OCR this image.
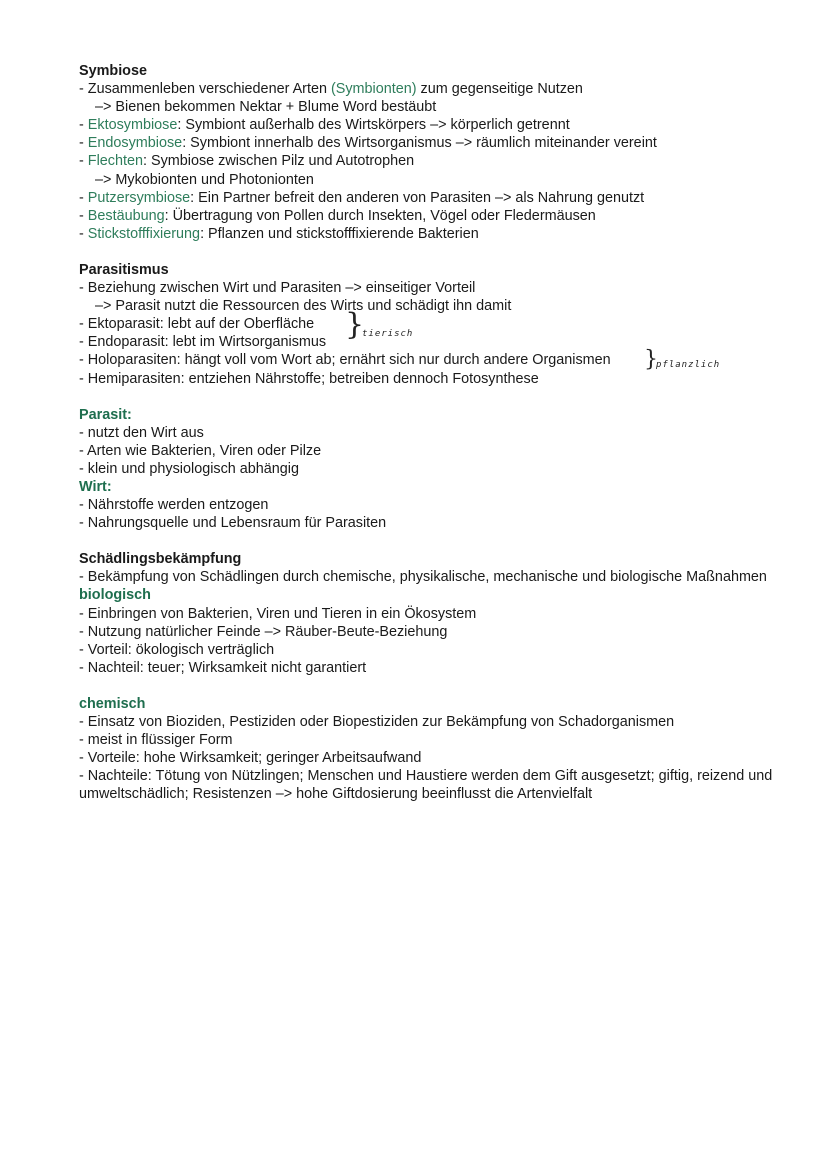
Symbiose
- Zusammenleben verschiedener Arten (Symbionten) zum gegenseitige Nutzen
–> Bienen bekommen Nektar + Blume Word bestäubt
- Ektosymbiose: Symbiont außerhalb des Wirtskörpers –> körperlich getrennt
- Endosymbiose: Symbiont innerhalb des Wirtsorganismus –> räumlich miteinander vereint
- Flechten: Symbiose zwischen Pilz und Autotrophen
–> Mykobionten und Photonionten
- Putzersymbiose: Ein Partner befreit den anderen von Parasiten –> als Nahrung genutzt
- Bestäubung: Übertragung von Pollen durch Insekten, Vögel oder Fledermäusen
- Stickstofffixierung: Pflanzen und stickstofffixierende Bakterien
Parasitismus
- Beziehung zwischen Wirt und Parasiten –> einseitiger Vorteil
–> Parasit nutzt die Ressourcen des Wirts und schädigt ihn damit
- Ektoparasit: lebt auf der Oberfläche
- Endoparasit: lebt im Wirtsorganismus }
tierisch
- Holoparasiten: hängt voll vom Wort ab; ernährt sich nur durch andere Organismen }
pflanzlich
- Hemiparasiten: entziehen Nährstoffe; betreiben dennoch Fotosynthese
Parasit:
- nutzt den Wirt aus
- Arten wie Bakterien, Viren oder Pilze
- klein und physiologisch abhängig
Wirt:
- Nährstoffe werden entzogen
- Nahrungsquelle und Lebensraum für Parasiten
Schädlingsbekämpfung
- Bekämpfung von Schädlingen durch chemische, physikalische, mechanische und biologische Maßnahmen
biologisch
- Einbringen von Bakterien, Viren und Tieren in ein Ökosystem
- Nutzung natürlicher Feinde –> Räuber-Beute-Beziehung
- Vorteil: ökologisch verträglich
- Nachteil: teuer; Wirksamkeit nicht garantiert
chemisch
- Einsatz von Bioziden, Pestiziden oder Biopestiziden zur Bekämpfung von Schadorganismen
- meist in flüssiger Form
- Vorteile: hohe Wirksamkeit; geringer Arbeitsaufwand
- Nachteile: Tötung von Nützlingen; Menschen und Haustiere werden dem Gift ausgesetzt; giftig, reizend und umweltschädlich; Resistenzen –> hohe Giftdosierung beeinflusst die Artenvielfalt
